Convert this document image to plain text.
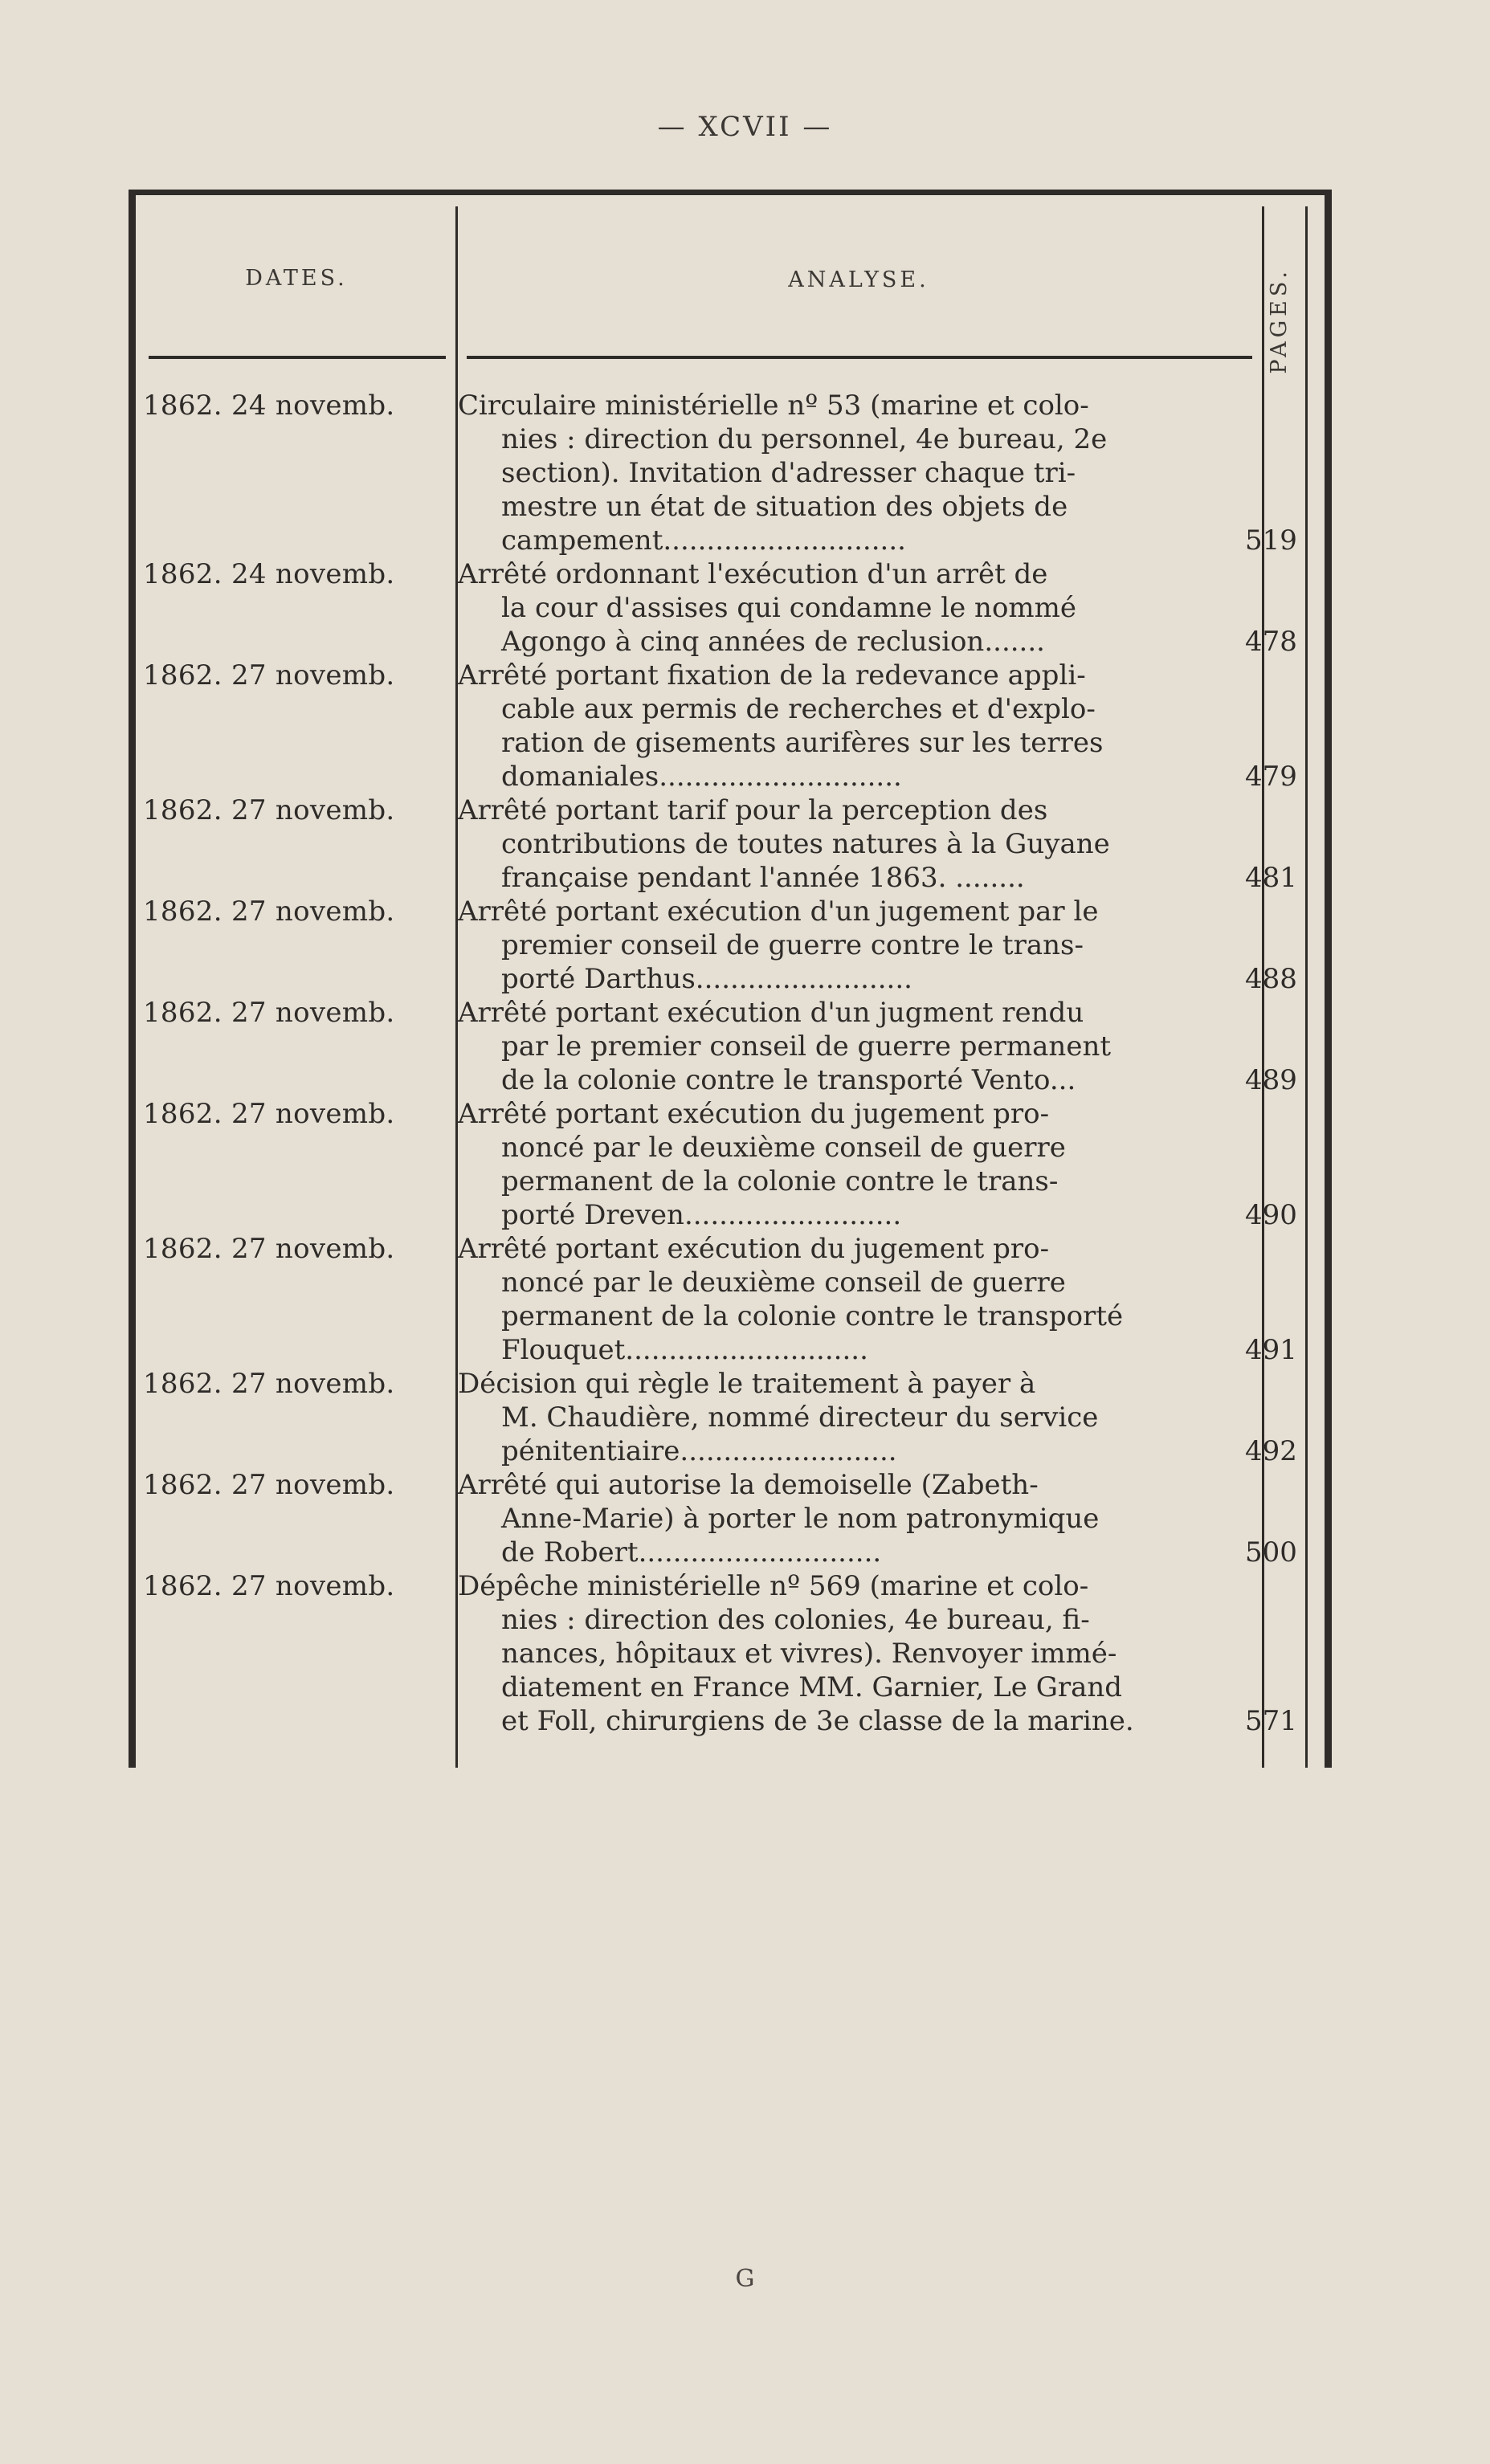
— XCVII —
DATES.	ANALYSE.	PAGES.
1862. 24 novemb.	Circulaire ministérielle nº 53 (marine et colo-
nies : direction du personnel, 4e bureau, 2e
section). Invitation d'adresser chaque tri-
mestre un état de situation des objets de
campement............................	519
1862. 24 novemb.	Arrêté ordonnant l'exécution d'un arrêt de
la cour d'assises qui condamne le nommé
Agongo à cinq années de reclusion.......	478
1862. 27 novemb.	Arrêté portant fixation de la redevance appli-
cable aux permis de recherches et d'explo-
ration de gisements aurifères sur les terres
domaniales............................	479
1862. 27 novemb.	Arrêté portant tarif pour la perception des
contributions de toutes natures à la Guyane
française pendant l'année 1863. ........	481
1862. 27 novemb.	Arrêté portant exécution d'un jugement par le
premier conseil de guerre contre le trans-
porté Darthus.........................	488
1862. 27 novemb.	Arrêté portant exécution d'un jugment rendu
par le premier conseil de guerre permanent
de la colonie contre le transporté Vento...	489
1862. 27 novemb.	Arrêté portant exécution du jugement pro-
noncé par le deuxième conseil de guerre
permanent de la colonie contre le trans-
porté Dreven.........................	490
1862. 27 novemb.	Arrêté portant exécution du jugement pro-
noncé par le deuxième conseil de guerre
permanent de la colonie contre le transporté
Flouquet............................	491
1862. 27 novemb.	Décision qui règle le traitement à payer à
M. Chaudière, nommé directeur du service
pénitentiaire.........................	492
1862. 27 novemb.	Arrêté qui autorise la demoiselle (Zabeth-
Anne-Marie) à porter le nom patronymique
de Robert............................	500
1862. 27 novemb.	Dépêche ministérielle nº 569 (marine et colo-
nies : direction des colonies, 4e bureau, fi-
nances, hôpitaux et vivres). Renvoyer immé-
diatement en France MM. Garnier, Le Grand
et Foll, chirurgiens de 3e classe de la marine.	571
G
